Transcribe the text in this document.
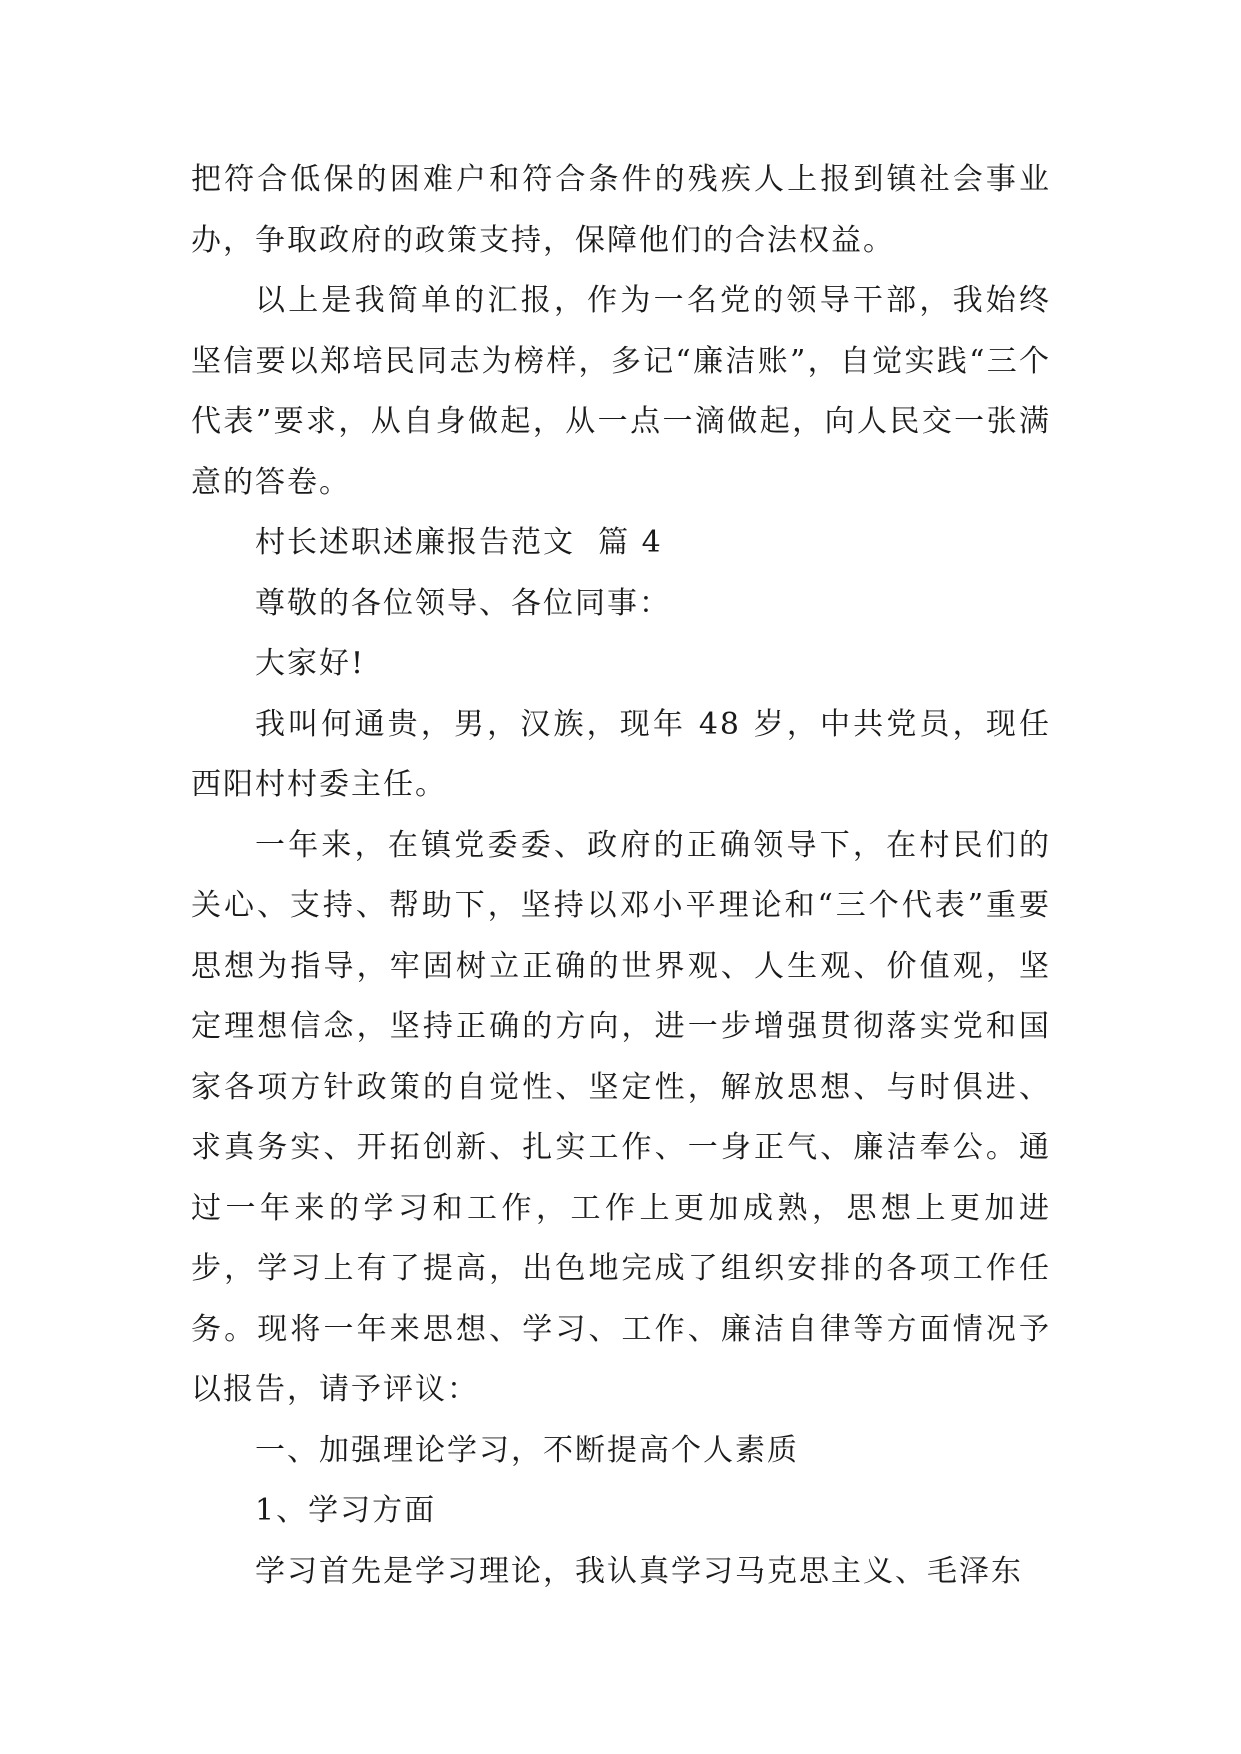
把符合低保的困难户和符合条件的残疾人上报到镇社会事业办，争取政府的政策支持，保障他们的合法权益。

以上是我简单的汇报，作为一名党的领导干部，我始终坚信要以郑培民同志为榜样，多记“廉洁账”，自觉实践“三个代表”要求，从自身做起，从一点一滴做起，向人民交一张满意的答卷。

村长述职述廉报告范文  篇 4

尊敬的各位领导、各位同事：

大家好!

我叫何通贵，男，汉族，现年 48 岁，中共党员，现任西阳村村委主任。

一年来，在镇党委委、政府的正确领导下，在村民们的关心、支持、帮助下，坚持以邓小平理论和“三个代表”重要思想为指导，牢固树立正确的世界观、人生观、价值观，坚定理想信念，坚持正确的方向，进一步增强贯彻落实党和国家各项方针政策的自觉性、坚定性，解放思想、与时俱进、求真务实、开拓创新、扎实工作、一身正气、廉洁奉公。通过一年来的学习和工作，工作上更加成熟，思想上更加进步，学习上有了提高，出色地完成了组织安排的各项工作任务。现将一年来思想、学习、工作、廉洁自律等方面情况予以报告，请予评议：

一、加强理论学习，不断提高个人素质

1、学习方面

学习首先是学习理论，我认真学习马克思主义、毛泽东
